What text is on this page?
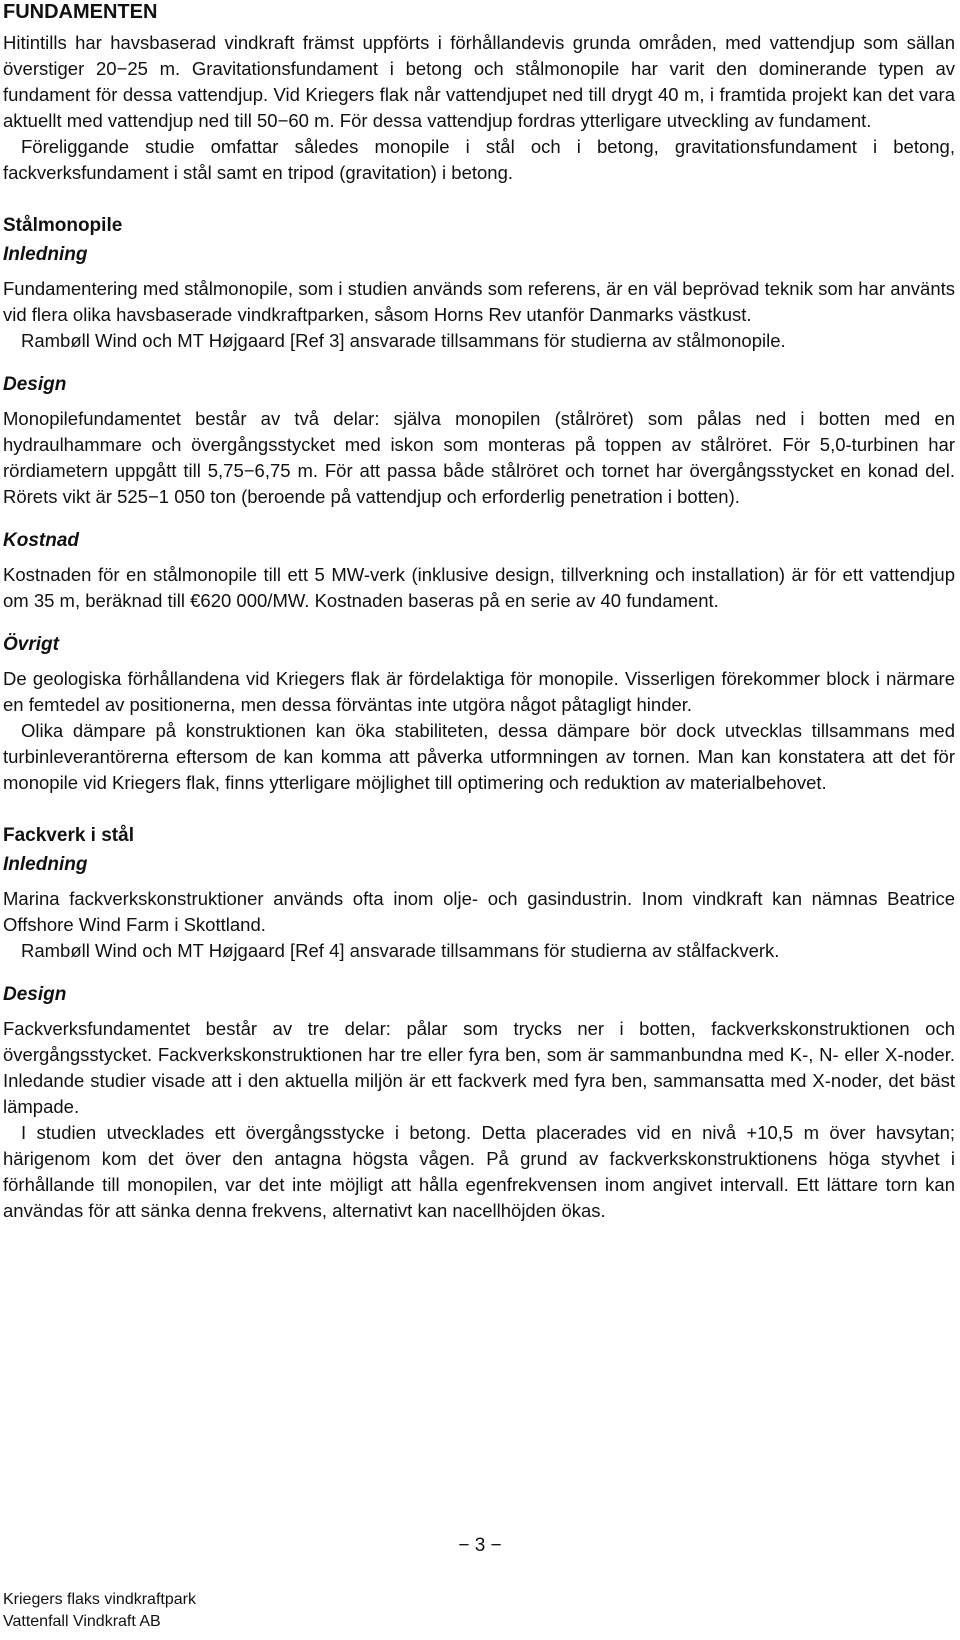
FUNDAMENTEN

Hitintills har havsbaserad vindkraft främst uppförts i förhållandevis grunda områden, med vattendjup som sällan överstiger 20−25 m. Gravitationsfundament i betong och stålmonopile har varit den dominerande typen av fundament för dessa vattendjup. Vid Kriegers flak når vattendjupet ned till drygt 40 m, i framtida projekt kan det vara aktuellt med vattendjup ned till 50−60 m. För dessa vattendjup fordras ytterligare utveckling av fundament.

Föreliggande studie omfattar således monopile i stål och i betong, gravitationsfundament i betong, fackverksfundament i stål samt en tripod (gravitation) i betong.

Stålmonopile
Inledning

Fundamentering med stålmonopile, som i studien används som referens, är en väl beprövad teknik som har använts vid flera olika havsbaserade vindkraftparken, såsom Horns Rev utanför Danmarks västkust.

Rambøll Wind och MT Højgaard [Ref 3] ansvarade tillsammans för studierna av stålmonopile.

Design

Monopilefundamentet består av två delar: själva monopilen (stålröret) som pålas ned i botten med en hydraulhammare och övergångsstycket med iskon som monteras på toppen av stålröret. För 5,0-turbinen har rördiametern uppgått till 5,75−6,75 m. För att passa både stålröret och tornet har övergångsstycket en konad del. Rörets vikt är 525−1 050 ton (beroende på vattendjup och erforderlig penetration i botten).

Kostnad

Kostnaden för en stålmonopile till ett 5 MW-verk (inklusive design, tillverkning och installation) är för ett vattendjup om 35 m, beräknad till €620 000/MW. Kostnaden baseras på en serie av 40 fundament.

Övrigt

De geologiska förhållandena vid Kriegers flak är fördelaktiga för monopile. Visserligen förekommer block i närmare en femtedel av positionerna, men dessa förväntas inte utgöra något påtagligt hinder.

Olika dämpare på konstruktionen kan öka stabiliteten, dessa dämpare bör dock utvecklas tillsammans med turbinleverantörerna eftersom de kan komma att påverka utformningen av tornen. Man kan konstatera att det för monopile vid Kriegers flak, finns ytterligare möjlighet till optimering och reduktion av materialbehovet.

Fackverk i stål
Inledning

Marina fackverkskonstruktioner används ofta inom olje- och gasindustrin. Inom vindkraft kan nämnas Beatrice Offshore Wind Farm i Skottland.

Rambøll Wind och MT Højgaard [Ref 4] ansvarade tillsammans för studierna av stålfackverk.

Design

Fackverksfundamentet består av tre delar: pålar som trycks ner i botten, fackverkskonstruktionen och övergångsstycket. Fackverkskonstruktionen har tre eller fyra ben, som är sammanbundna med K-, N- eller X-noder. Inledande studier visade att i den aktuella miljön är ett fackverk med fyra ben, sammansatta med X-noder, det bäst lämpade.

I studien utvecklades ett övergångsstycke i betong. Detta placerades vid en nivå +10,5 m över havsytan; härigenom kom det över den antagna högsta vågen. På grund av fackverkskonstruktionens höga styvhet i förhållande till monopilen, var det inte möjligt att hålla egenfrekvensen inom angivet intervall. Ett lättare torn kan användas för att sänka denna frekvens, alternativt kan nacellhöjden ökas.

− 3 −
Kriegers flaks vindkraftpark
Vattenfall Vindkraft AB
